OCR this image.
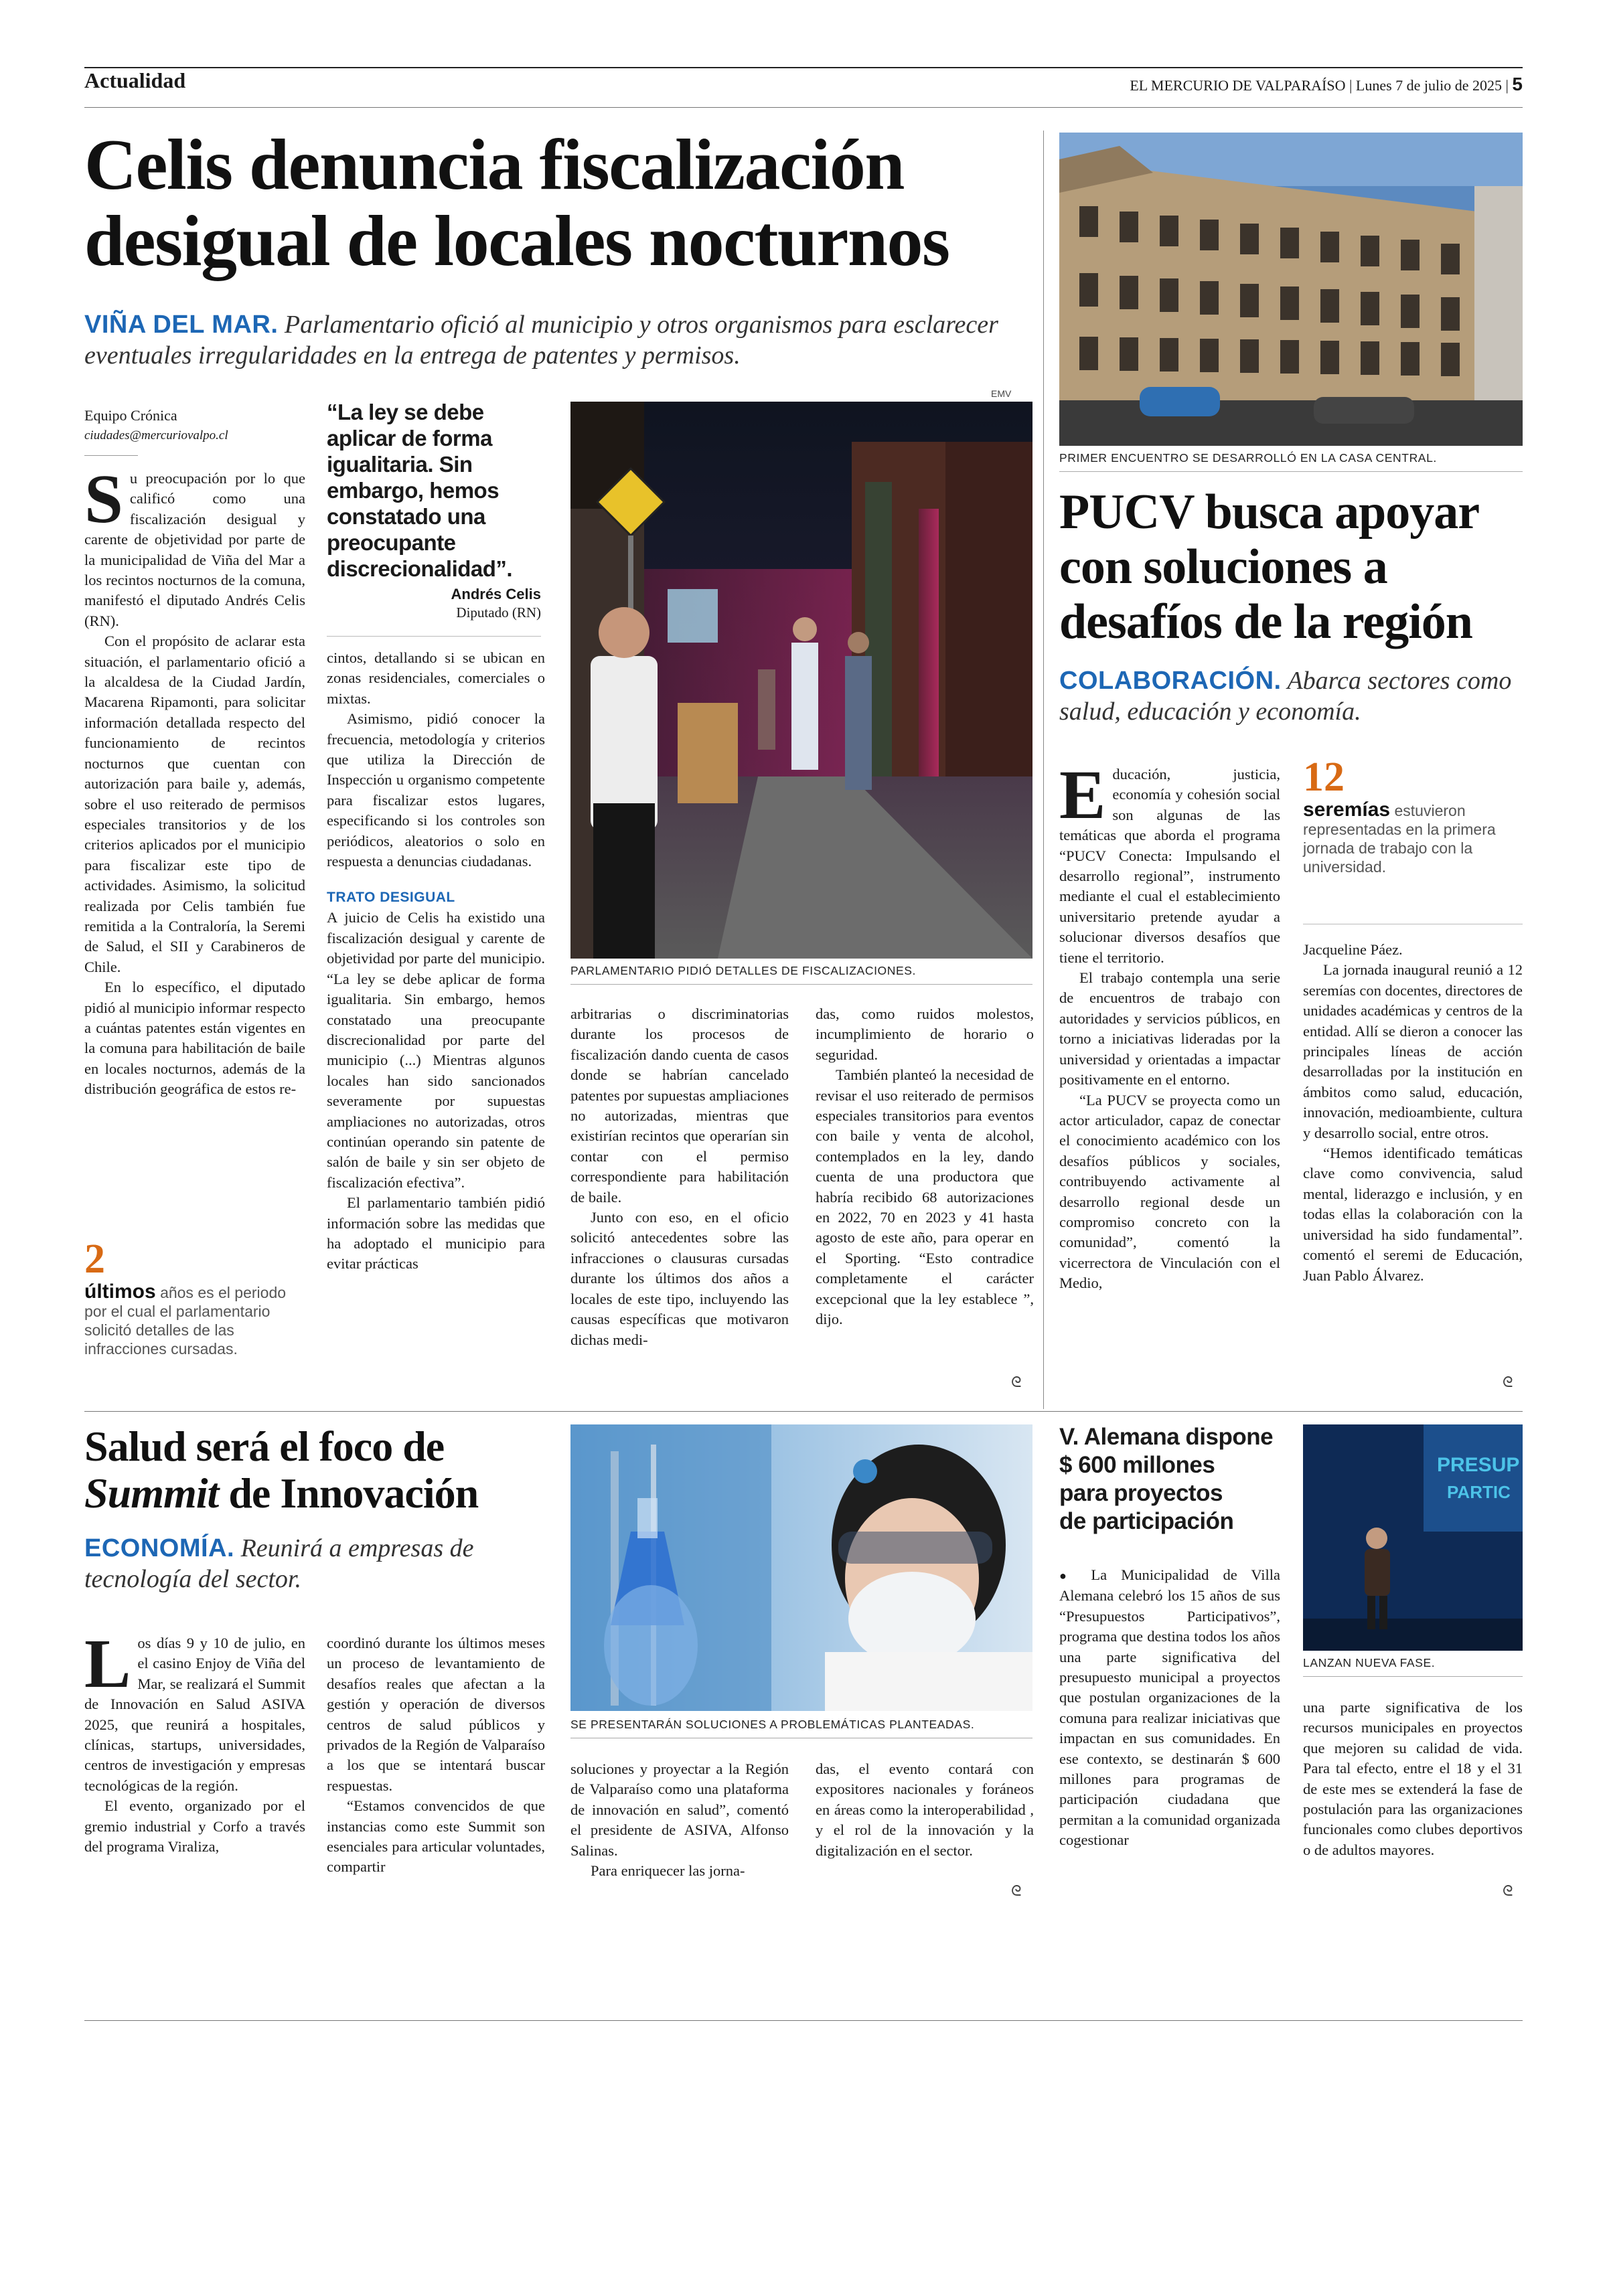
Actualidad	EL MERCURIO DE VALPARAÍSO | Lunes 7 de julio de 2025 | 5
Celis denuncia fiscalización
desigual de locales nocturnos
VIÑA DEL MAR. Parlamentario ofició al municipio y otros organismos para esclarecer eventuales irregularidades en la entrega de patentes y permisos.
Equipo Crónica
ciudades@mercuriovalpo.cl

Su preocupación por lo que calificó como una fiscalización desigual y carente de objetividad por parte de la municipalidad de Viña del Mar a los recintos nocturnos de la comuna, manifestó el diputado Andrés Celis (RN).

Con el propósito de aclarar esta situación, el parlamentario ofició a la alcaldesa de la Ciudad Jardín, Macarena Ripamonti, para solicitar información detallada respecto del funcionamiento de recintos nocturnos que cuentan con autorización para baile y, además, sobre el uso reiterado de permisos especiales transitorios y de los criterios aplicados por el municipio para fiscalizar este tipo de actividades. Asimismo, la solicitud realizada por Celis también fue remitida a la Contraloría, la Seremi de Salud, el SII y Carabineros de Chile.

En lo específico, el diputado pidió al municipio informar respecto a cuántas patentes están vigentes en la comuna para habilitación de baile en locales nocturnos, además de la distribución geográfica de estos re-

2
últimos años es el periodo por el cual el parlamentario solicitó detalles de las infracciones cursadas.
“La ley se debe aplicar de forma igualitaria. Sin embargo, hemos constatado una preocupante discrecionalidad”.
Andrés Celis
Diputado (RN)

cintos, detallando si se ubican en zonas residenciales, comerciales o mixtas.

Asimismo, pidió conocer la frecuencia, metodología y criterios que utiliza la Dirección de Inspección u organismo competente para fiscalizar estos lugares, especificando si los controles son periódicos, aleatorios o solo en respuesta a denuncias ciudadanas.

TRATO DESIGUAL

A juicio de Celis ha existido una fiscalización desigual y carente de objetividad por parte del municipio. “La ley se debe aplicar de forma igualitaria. Sin embargo, hemos constatado una preocupante discrecionalidad por parte del municipio (...) Mientras algunos locales han sido sancionados severamente por supuestas ampliaciones no autorizadas, otros continúan operando sin patente de salón de baile y sin ser objeto de fiscalización efectiva”.

El parlamentario también pidió información sobre las medidas que ha adoptado el municipio para evitar prácticas

EMV
PARLAMENTARIO PIDIÓ DETALLES DE FISCALIZACIONES.

arbitrarias o discriminatorias durante los procesos de fiscalización dando cuenta de casos donde se habrían cancelado patentes por supuestas ampliaciones no autorizadas, mientras que existirían recintos que operarían sin contar con el permiso correspondiente para habilitación de baile.

Junto con eso, en el oficio solicitó antecedentes sobre las infracciones o clausuras cursadas durante los últimos dos años a locales de este tipo, incluyendo las causas específicas que motivaron dichas medi-

das, como ruidos molestos, incumplimiento de horario o seguridad.

También planteó la necesidad de revisar el uso reiterado de permisos especiales transitorios para eventos con baile y venta de alcohol, contemplados en la ley, dando cuenta de una productora que habría recibido 68 autorizaciones en 2022, 70 en 2023 y 41 hasta agosto de este año, para operar en el Sporting. “Esto contradice completamente el carácter excepcional que la ley establece ”, dijo.

ᘓ
PRIMER ENCUENTRO SE DESARROLLÓ EN LA CASA CENTRAL.
PUCV busca apoyar
con soluciones a
desafíos de la región
COLABORACIÓN. Abarca sectores como salud, educación y economía.

Educación, justicia, economía y cohesión social son algunas de las temáticas que aborda el programa “PUCV Conecta: Impulsando el desarrollo regional”, instrumento mediante el cual el establecimiento universitario pretende ayudar a solucionar diversos desafíos que tiene el territorio.

El trabajo contempla una serie de encuentros de trabajo con autoridades y servicios públicos, en torno a iniciativas lideradas por la universidad y orientadas a impactar positivamente en el entorno.

“La PUCV se proyecta como un actor articulador, capaz de conectar el conocimiento académico con los desafíos públicos y sociales, contribuyendo activamente al desarrollo regional desde un compromiso concreto con la comunidad”, comentó la vicerrectora de Vinculación con el Medio,

12
seremías estuvieron representadas en la primera jornada de trabajo con la universidad.

Jacqueline Páez.

La jornada inaugural reunió a 12 seremías con docentes, directores de unidades académicas y centros de la entidad. Allí se dieron a conocer las principales líneas de acción desarrolladas por la institución en ámbitos como salud, educación, innovación, medioambiente, cultura y desarrollo social, entre otros.

“Hemos identificado temáticas clave como convivencia, salud mental, liderazgo e inclusión, y en todas ellas la colaboración con la universidad ha sido fundamental”. comentó el seremi de Educación, Juan Pablo Álvarez.

ᘓ
Salud será el foco de
Summit de Innovación
ECONOMÍA. Reunirá a empresas de tecnología del sector.

Los días 9 y 10 de julio, en el casino Enjoy de Viña del Mar, se realizará el Summit de Innovación en Salud ASIVA 2025, que reunirá a hospitales, clínicas, startups, universidades, centros de investigación y empresas tecnológicas de la región.

El evento, organizado por el gremio industrial y Corfo a través del programa Viraliza,

coordinó durante los últimos meses un proceso de levantamiento de desafíos reales que afectan a la gestión y operación de diversos centros de salud públicos y privados de la Región de Valparaíso a los que se intentará buscar respuestas.

“Estamos convencidos de que instancias como este Summit son esenciales para articular voluntades, compartir

SE PRESENTARÁN SOLUCIONES A PROBLEMÁTICAS PLANTEADAS.

soluciones y proyectar a la Región de Valparaíso como una plataforma de innovación en salud”, comentó el presidente de ASIVA, Alfonso Salinas.

Para enriquecer las jorna-

das, el evento contará con expositores nacionales y foráneos en áreas como la interoperabilidad , y el rol de la innovación y la digitalización en el sector.

ᘓ
V. Alemana dispone
$ 600 millones
para proyectos
de participación

● La Municipalidad de Villa Alemana celebró los 15 años de sus “Presupuestos Participativos”, programa que destina todos los años una parte significativa del presupuesto municipal a proyectos que postulan organizaciones de la comuna para realizar iniciativas que impactan en sus comunidades. En ese contexto, se destinarán $ 600 millones para programas de participación ciudadana que permitan a la comunidad organizada cogestionar

PRESUP
PARTIC
LANZAN NUEVA FASE.

una parte significativa de los recursos municipales en proyectos que mejoren su calidad de vida. Para tal efecto, entre el 18 y el 31 de este mes se extenderá la fase de postulación para las organizaciones funcionales como clubes deportivos o de adultos mayores.

ᘓ
